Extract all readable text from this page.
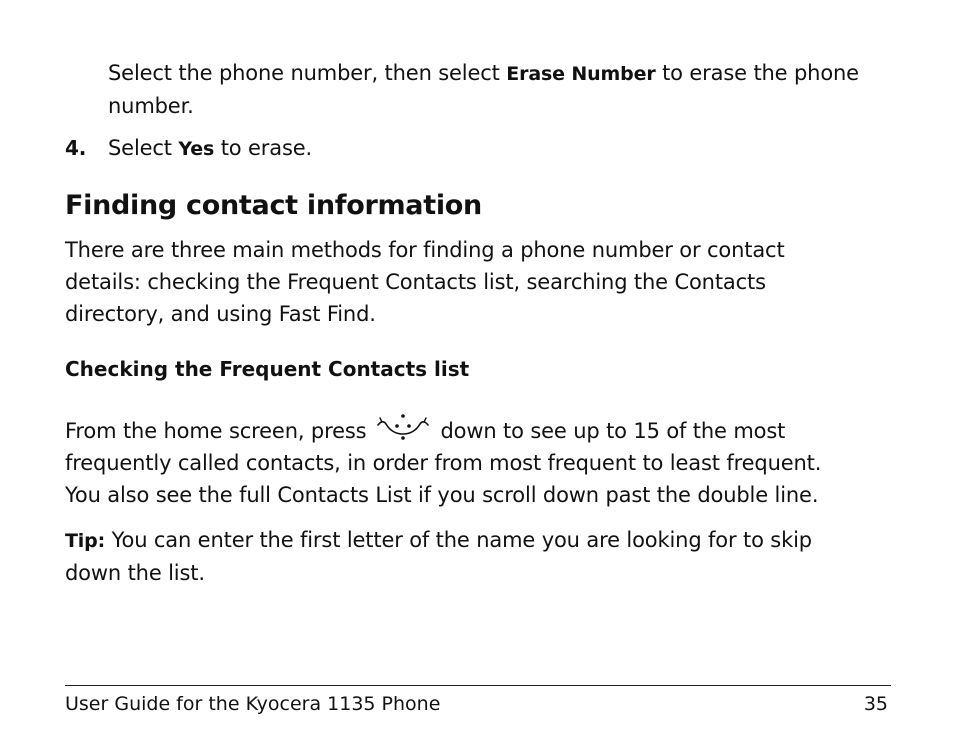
Select the phone number, then select Erase Number to erase the phone
number.
4. Select Yes to erase.
Finding contact information
There are three main methods for finding a phone number or contact
details: checking the Frequent Contacts list, searching the Contacts
directory, and using Fast Find.
Checking the Frequent Contacts list
From the home screen, press	down to see up to 15 of the most
frequently called contacts, in order from most frequent to least frequent.
You also see the full Contacts List if you scroll down past the double line.
Tip: You can enter the first letter of the name you are looking for to skip
down the list.
User Guide for the Kyocera 1135 Phone	35
